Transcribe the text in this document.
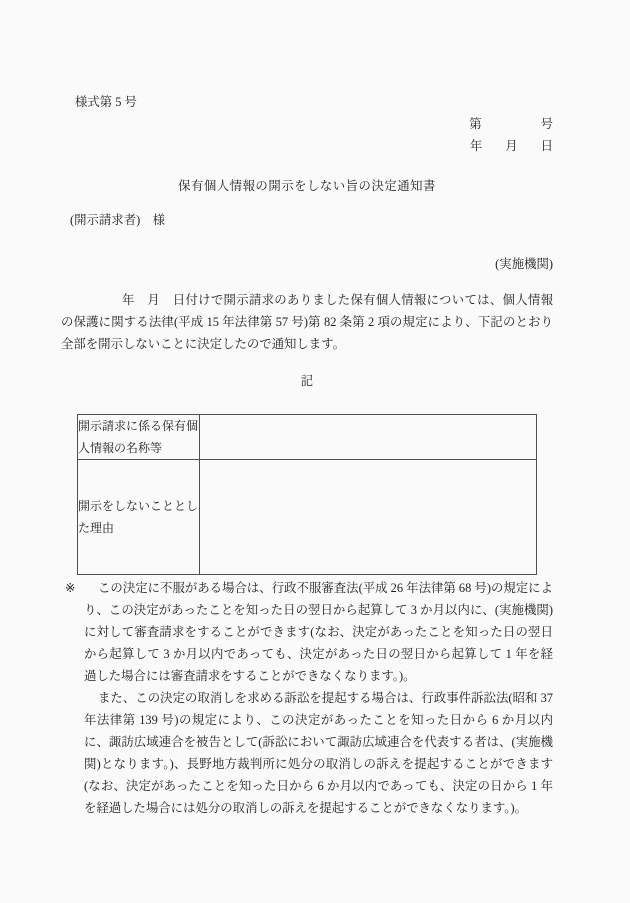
様式第 5 号
第	号
年 月 日
保有個人情報の開示をしない旨の決定通知書
(開示請求者)　様
(実施機関)

年　月　日付けで開示請求のありました保有個人情報については、個人情報の保護に関する法律(平成 15 年法律第 57 号)第 82 条第 2 項の規定により、下記のとおり全部を開示しないことに決定したので通知します。

記
開示請求に係る保有個人情報の名称等	
開示をしないこととした理由	
※	この決定に不服がある場合は、行政不服審査法(平成 26 年法律第 68 号)の規定により、この決定があったことを知った日の翌日から起算して 3 か月以内に、(実施機関)に対して審査請求をすることができます(なお、決定があったことを知った日の翌日から起算して 3 か月以内であっても、決定があった日の翌日から起算して 1 年を経過した場合には審査請求をすることができなくなります。)。

また、この決定の取消しを求める訴訟を提起する場合は、行政事件訴訟法(昭和 37 年法律第 139 号)の規定により、この決定があったことを知った日から 6 か月以内に、諏訪広域連合を被告として(訴訟において諏訪広域連合を代表する者は、(実施機関)となります。)、長野地方裁判所に処分の取消しの訴えを提起することができます(なお、決定があったことを知った日から 6 か月以内であっても、決定の日から 1 年を経過した場合には処分の取消しの訴えを提起することができなくなります。)。
